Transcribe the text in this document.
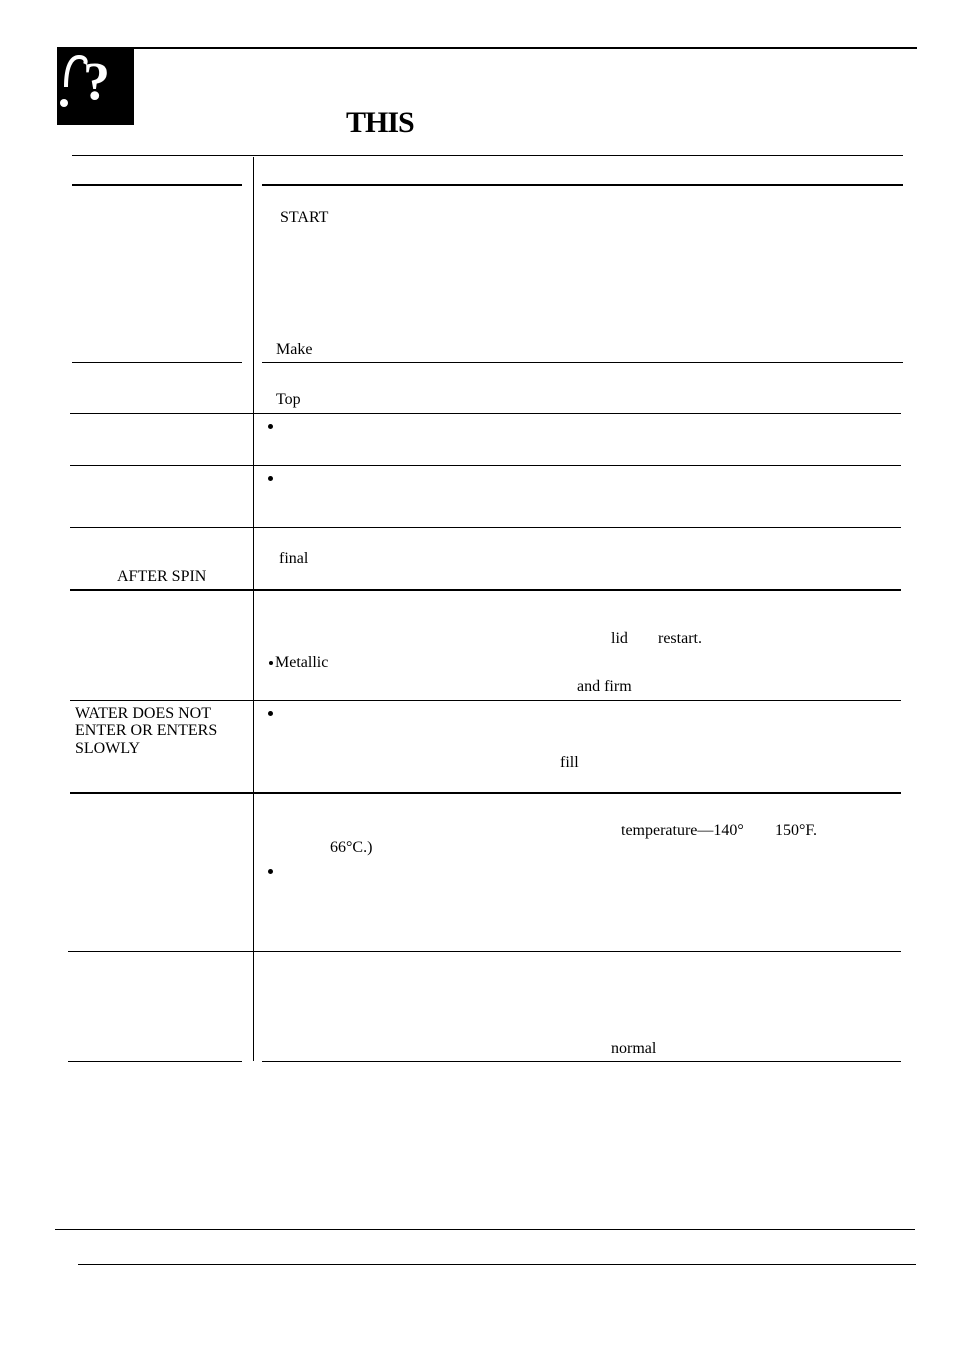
?
THIS
START
Make
Top
final
AFTER SPIN
lid restart.
Metallic
and firm
WATER DOES NOT
ENTER OR ENTERS
SLOWLY
fill
temperature—140° 150°F.
66°C.)
normal
